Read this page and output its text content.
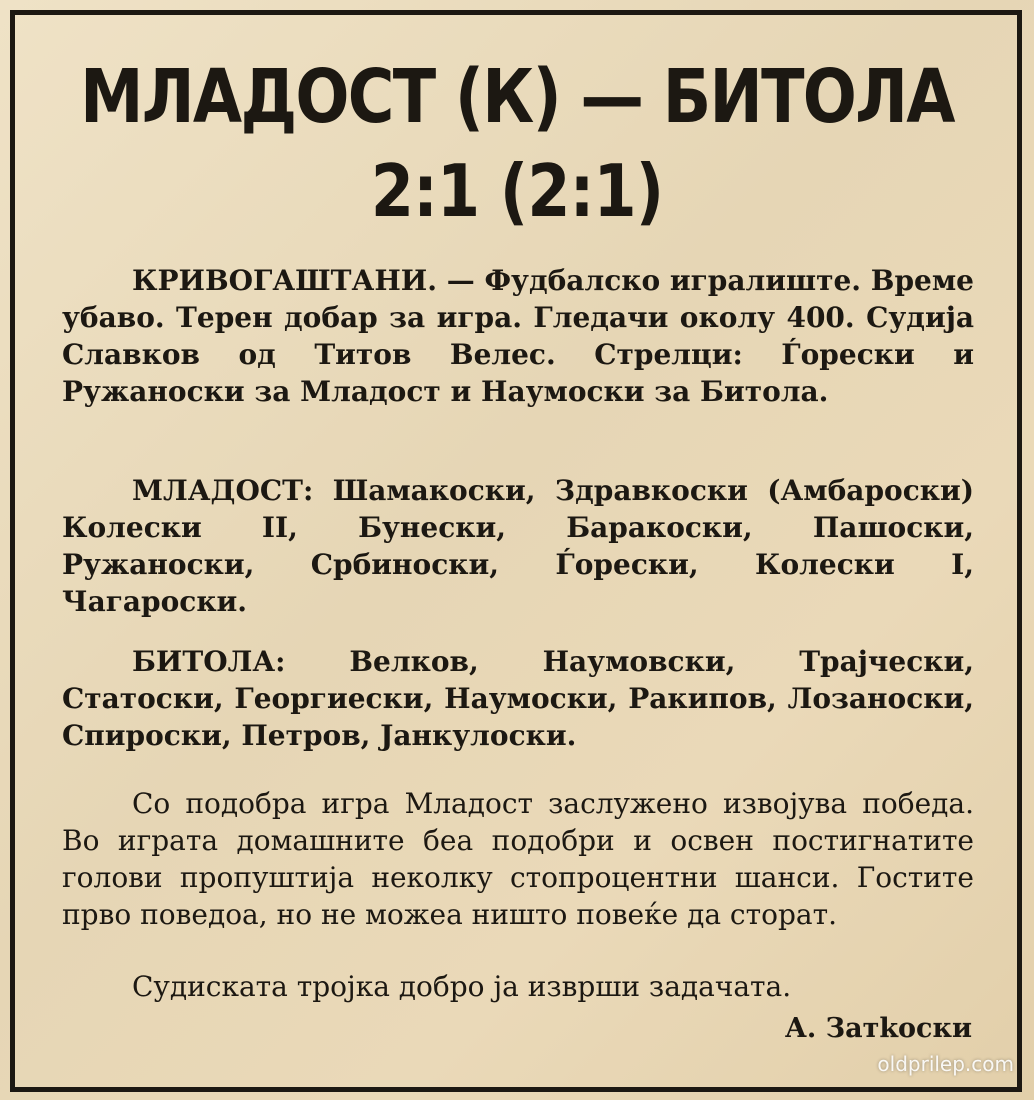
МЛАДОСТ (К) — БИТОЛА
2:1 (2:1)

КРИВОГАШТАНИ. — Фудбалско игралиште. Време убаво. Терен добар за игра. Гледачи околу 400. Судија Славков од Титов Велес. Стрелци: Ѓорески и Ружаноски за Младост и Наумоски за Битола.

МЛАДОСТ: Шамакоски, Здравкоски (Амбароски) Колески II, Бунески, Баракоски, Пашоски, Ружаноски, Србиноски, Ѓорески, Колески I, Чагароски.

БИТОЛА: Велков, Наумовски, Трајчески, Статоски, Георгиески, Наумоски, Ракипов, Лозаноски, Спироски, Петров, Јанкулоски.

Со подобра игра Младост заслужено извојува победа. Во играта домашните беа подобри и освен постигнатите голови пропуштија неколку стопроцентни шанси. Гостите прво поведоа, но не можеа ништо повеќе да сторат.

Судиската тројка добро ја изврши задачата.

А. Затkоски
oldprilep.com
